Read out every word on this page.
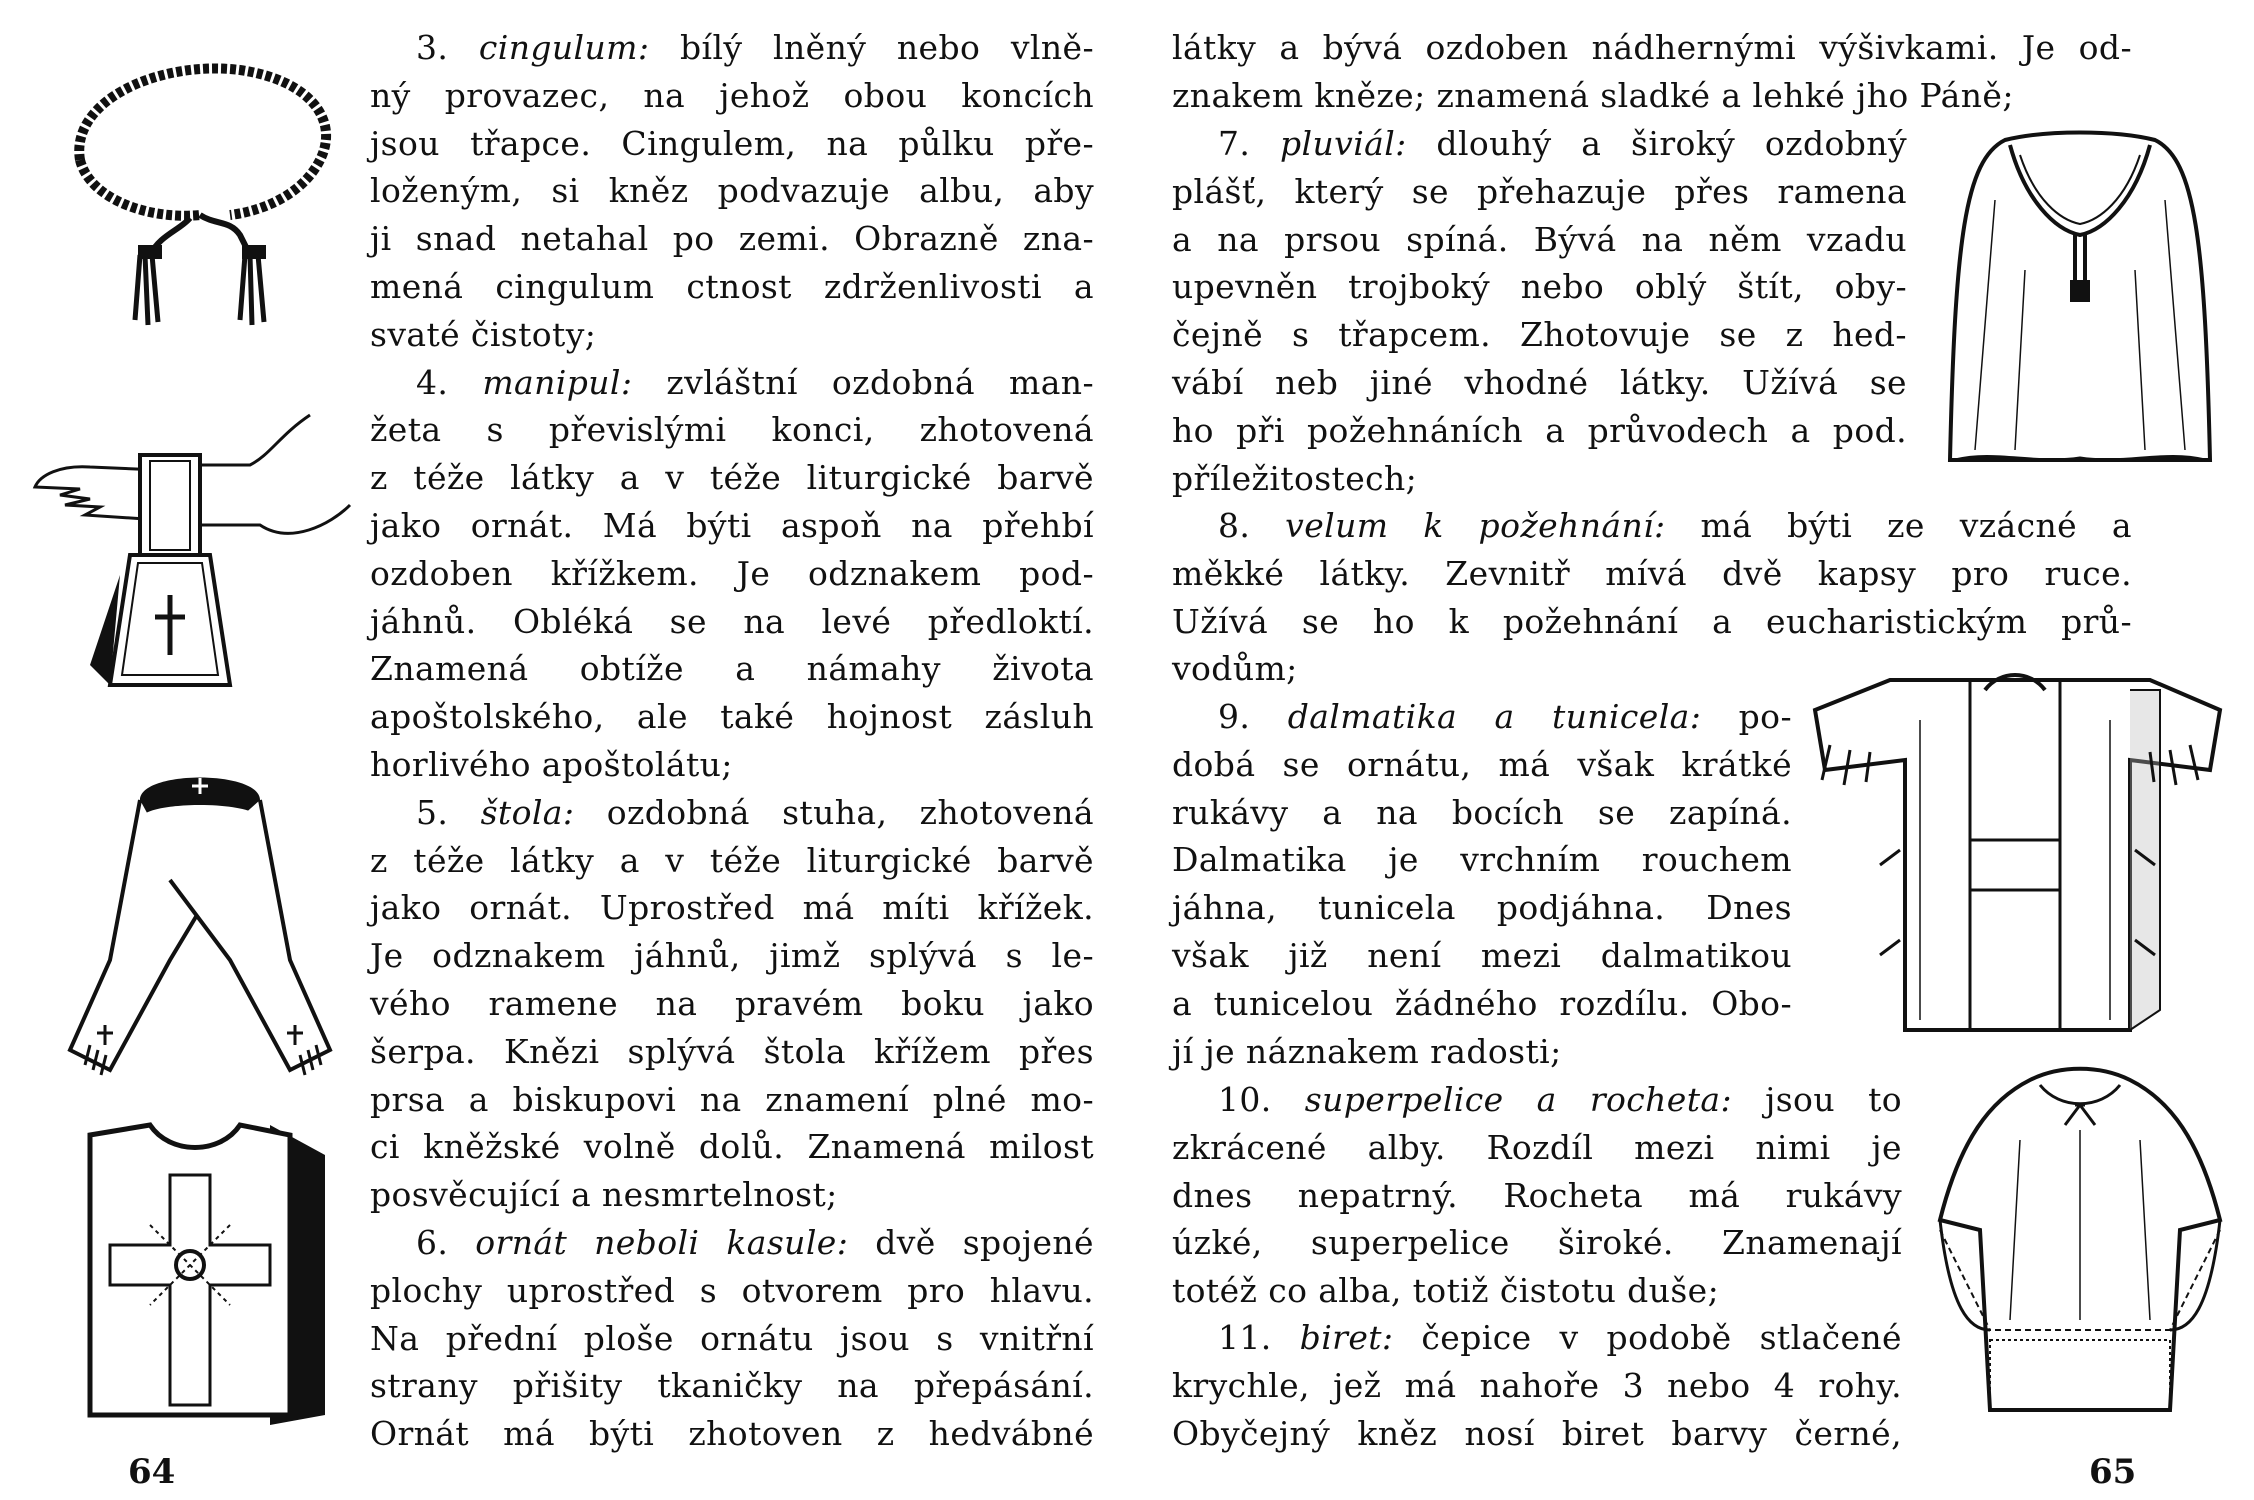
3. cingulum: bílý lněný nebo vlně-
ný provazec, na jehož obou koncích
jsou třapce. Cingulem, na půlku pře-
loženým, si kněz podvazuje albu, aby
ji snad netahal po zemi. Obrazně zna-
mená cingulum ctnost zdrženlivosti a
svaté čistoty;
4. manipul: zvláštní ozdobná man-
žeta s převislými konci, zhotovená
z téže látky a v téže liturgické barvě
jako ornát. Má býti aspoň na přehbí
ozdoben křížkem. Je odznakem pod-
jáhnů. Obléká se na levé předloktí.
Znamená obtíže a námahy života
apoštolského, ale také hojnost zásluh
horlivého apoštolátu;
5. štola: ozdobná stuha, zhotovená
z téže látky a v téže liturgické barvě
jako ornát. Uprostřed má míti křížek.
Je odznakem jáhnů, jimž splývá s le-
vého ramene na pravém boku jako
šerpa. Knězi splývá štola křížem přes
prsa a biskupovi na znamení plné mo-
ci kněžské volně dolů. Znamená milost
posvěcující a nesmrtelnost;
6. ornát neboli kasule: dvě spojené
plochy uprostřed s otvorem pro hlavu.
Na přední ploše ornátu jsou s vnitřní
strany přišity tkaničky na přepásání.
Ornát má býti zhotoven z hedvábné
64	65
látky a bývá ozdoben nádhernými výšivkami. Je od-
znakem kněze; znamená sladké a lehké jho Páně;
7. pluviál: dlouhý a široký ozdobný
plášť, který se přehazuje přes ramena
a na prsou spíná. Bývá na něm vzadu
upevněn trojboký nebo oblý štít, oby-
čejně s třapcem. Zhotovuje se z hed-
vábí neb jiné vhodné látky. Užívá se
ho při požehnáních a průvodech a pod.
příležitostech;
8. velum k požehnání: má býti ze vzácné a
měkké látky. Zevnitř mívá dvě kapsy pro ruce.
Užívá se ho k požehnání a eucharistickým prů-
vodům;
9. dalmatika a tunicela: po-
dobá se ornátu, má však krátké
rukávy a na bocích se zapíná.
Dalmatika je vrchním rouchem
jáhna, tunicela podjáhna. Dnes
však již není mezi dalmatikou
a tunicelou žádného rozdílu. Obo-
jí je náznakem radosti;
10. superpelice a rocheta: jsou to
zkrácené alby. Rozdíl mezi nimi je
dnes nepatrný. Rocheta má rukávy
úzké, superpelice široké. Znamenají
totéž co alba, totiž čistotu duše;
11. biret: čepice v podobě stlačené
krychle, jež má nahoře 3 nebo 4 rohy.
Obyčejný kněz nosí biret barvy černé,
